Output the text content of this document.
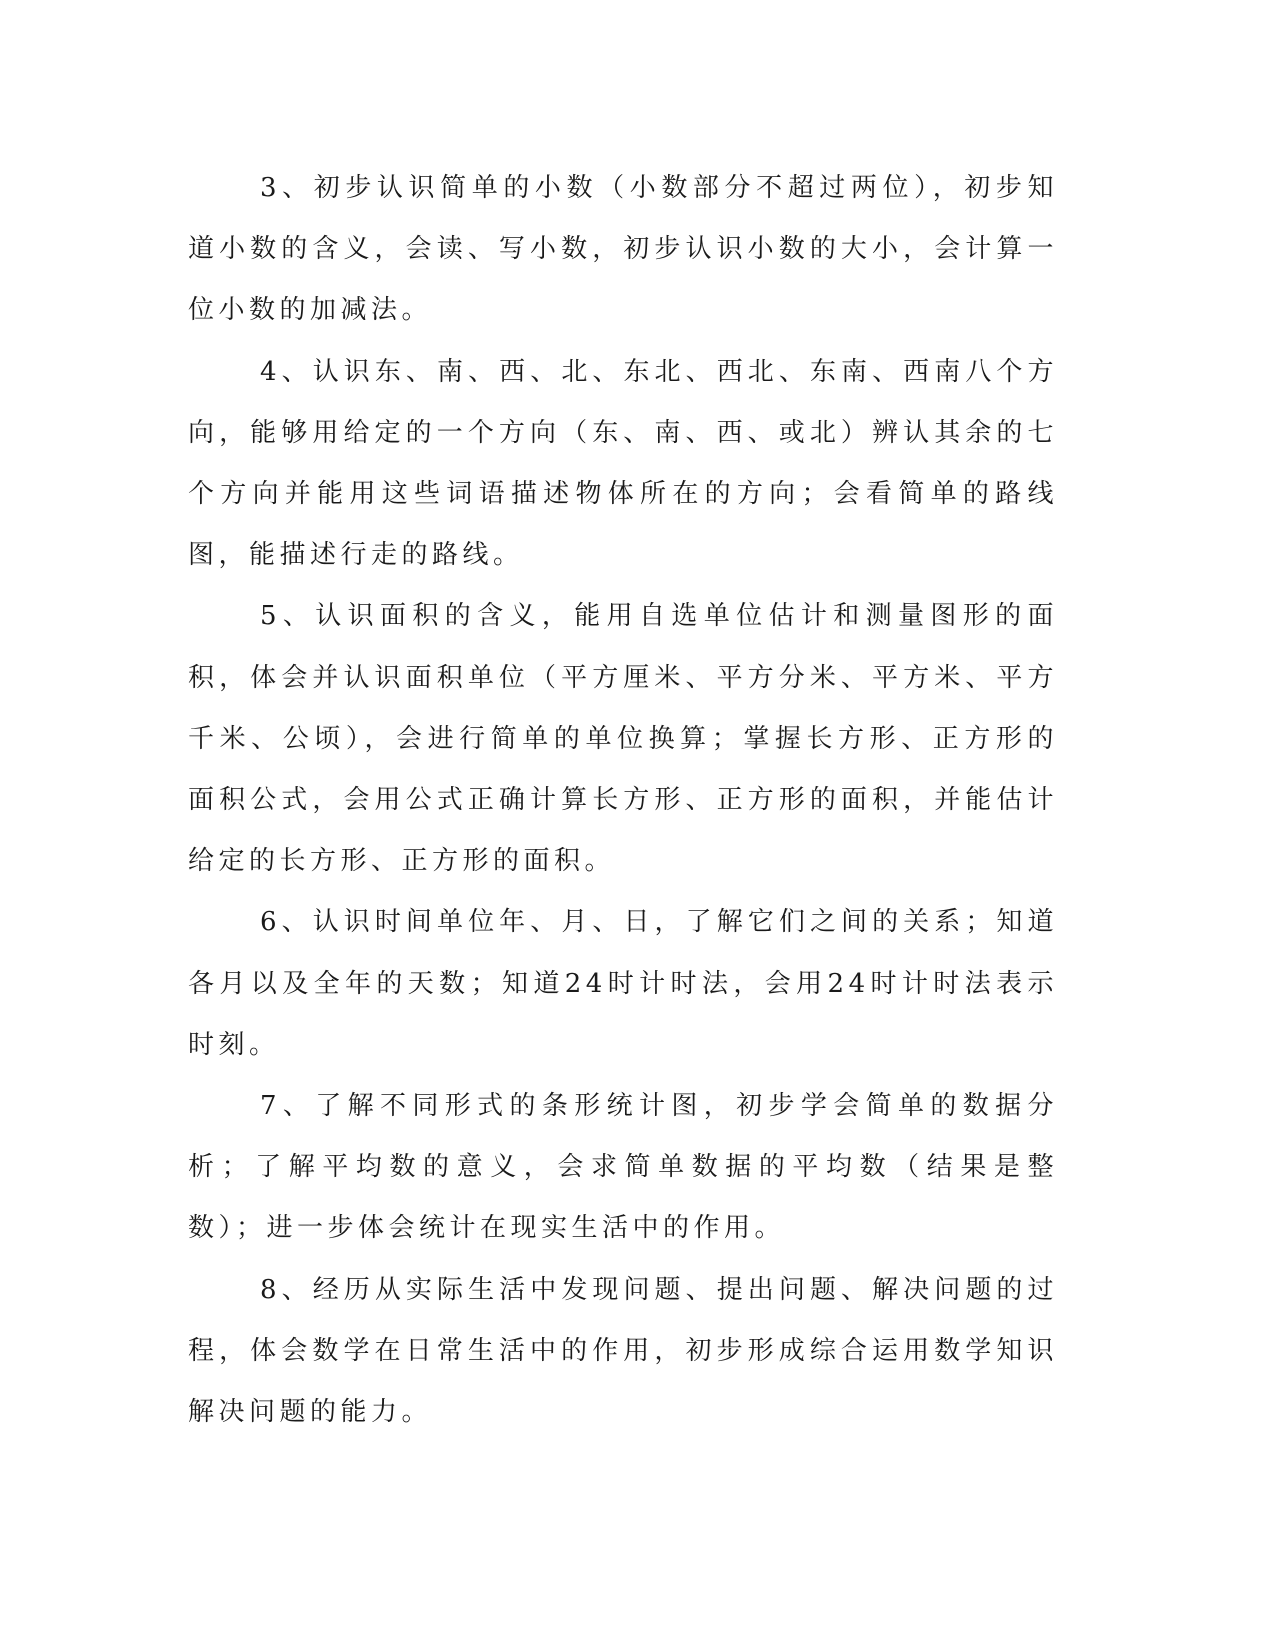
3、初步认识简单的小数（小数部分不超过两位），初步知道小数的含义，会读、写小数，初步认识小数的大小，会计算一位小数的加减法。

4、认识东、南、西、北、东北、西北、东南、西南八个方向，能够用给定的一个方向（东、南、西、或北）辨认其余的七个方向并能用这些词语描述物体所在的方向；会看简单的路线图，能描述行走的路线。

5、认识面积的含义，能用自选单位估计和测量图形的面积，体会并认识面积单位（平方厘米、平方分米、平方米、平方千米、公顷），会进行简单的单位换算；掌握长方形、正方形的面积公式，会用公式正确计算长方形、正方形的面积，并能估计给定的长方形、正方形的面积。

6、认识时间单位年、月、日，了解它们之间的关系；知道各月以及全年的天数；知道24时计时法，会用24时计时法表示时刻。

7、了解不同形式的条形统计图，初步学会简单的数据分析；了解平均数的意义，会求简单数据的平均数（结果是整数）；进一步体会统计在现实生活中的作用。

8、经历从实际生活中发现问题、提出问题、解决问题的过程，体会数学在日常生活中的作用，初步形成综合运用数学知识解决问题的能力。
